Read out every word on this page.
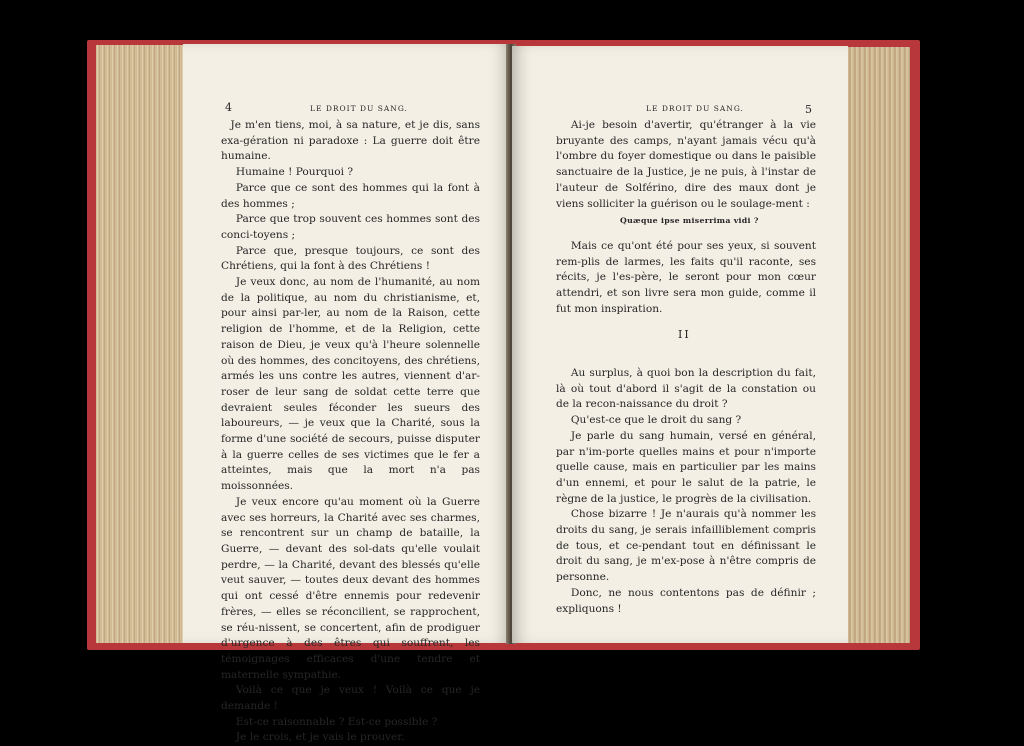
4	LE DROIT DU SANG.

Je m'en tiens, moi, à sa nature, et je dis, sans exa-gération ni paradoxe : La guerre doit être humaine.

Humaine ! Pourquoi ?

Parce que ce sont des hommes qui la font à des hommes ;

Parce que trop souvent ces hommes sont des conci-toyens ;

Parce que, presque toujours, ce sont des Chrétiens, qui la font à des Chrétiens !

Je veux donc, au nom de l'humanité, au nom de la politique, au nom du christianisme, et, pour ainsi par-ler, au nom de la Raison, cette religion de l'homme, et de la Religion, cette raison de Dieu, je veux qu'à l'heure solennelle où des hommes, des concitoyens, des chrétiens, armés les uns contre les autres, viennent d'ar-roser de leur sang de soldat cette terre que devraient seules féconder les sueurs des laboureurs, — je veux que la Charité, sous la forme d'une société de secours, puisse disputer à la guerre celles de ses victimes que le fer a atteintes, mais que la mort n'a pas moissonnées.

Je veux encore qu'au moment où la Guerre avec ses horreurs, la Charité avec ses charmes, se rencontrent sur un champ de bataille, la Guerre, — devant des sol-dats qu'elle voulait perdre, — la Charité, devant des blessés qu'elle veut sauver, — toutes deux devant des hommes qui ont cessé d'être ennemis pour redevenir frères, — elles se réconcilient, se rapprochent, se réu-nissent, se concertent, afin de prodiguer d'urgence à des êtres qui souffrent, les témoignages efficaces d'une tendre et maternelle sympathie.

Voilà ce que je veux ! Voilà ce que je demande !

Est-ce raisonnable ? Est-ce possible ?

Je le crois, et je vais le prouver.

LE DROIT DU SANG.	5

Ai-je besoin d'avertir, qu'étranger à la vie bruyante des camps, n'ayant jamais vécu qu'à l'ombre du foyer domestique ou dans le paisible sanctuaire de la Justice, je ne puis, à l'instar de l'auteur de Solférino, dire des maux dont je viens solliciter la guérison ou le soulage-ment :

Quæque ipse miserrima vidi ?

Mais ce qu'ont été pour ses yeux, si souvent rem-plis de larmes, les faits qu'il raconte, ses récits, je l'es-père, le seront pour mon cœur attendri, et son livre sera mon guide, comme il fut mon inspiration.

II

Au surplus, à quoi bon la description du fait, là où tout d'abord il s'agit de la constation ou de la recon-naissance du droit ?

Qu'est-ce que le droit du sang ?

Je parle du sang humain, versé en général, par n'im-porte quelles mains et pour n'importe quelle cause, mais en particulier par les mains d'un ennemi, et pour le salut de la patrie, le règne de la justice, le progrès de la civilisation.

Chose bizarre ! Je n'aurais qu'à nommer les droits du sang, je serais infailliblement compris de tous, et ce-pendant tout en définissant le droit du sang, je m'ex-pose à n'être compris de personne.

Donc, ne nous contentons pas de définir ; expliquons !
